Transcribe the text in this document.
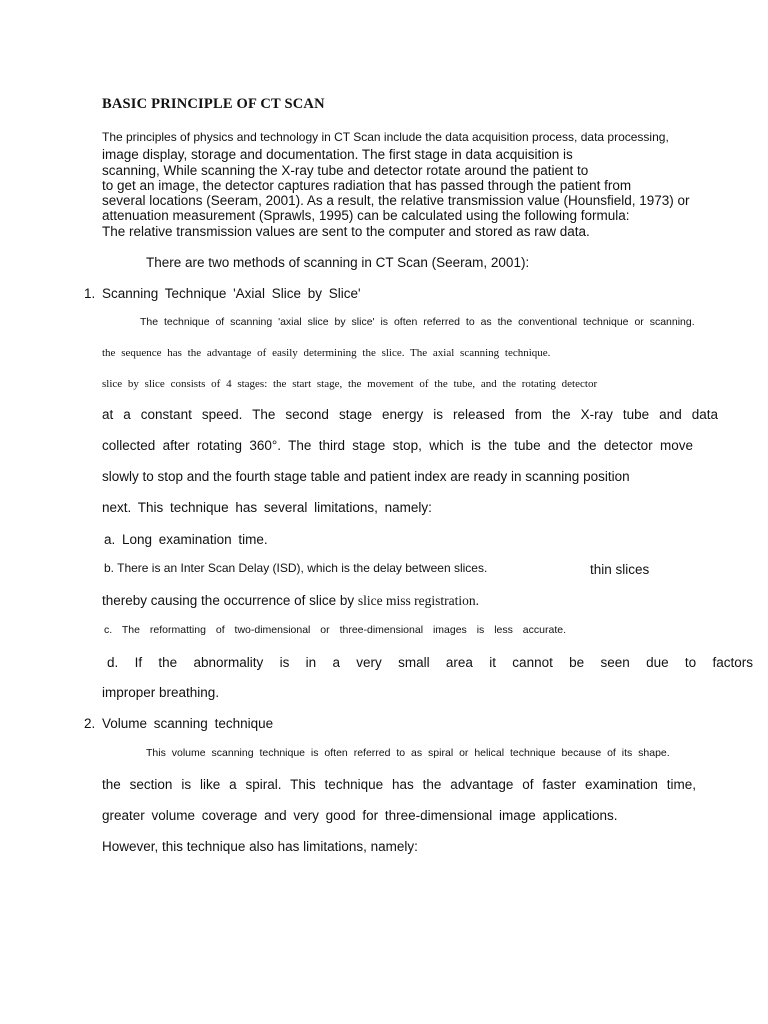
BASIC PRINCIPLE OF CT SCAN
The principles of physics and technology in CT Scan include the data acquisition process, data processing,
image display, storage and documentation. The first stage in data acquisition is
scanning, While scanning the X-ray tube and detector rotate around the patient to
to get an image, the detector captures radiation that has passed through the patient from
several locations (Seeram, 2001). As a result, the relative transmission value (Hounsfield, 1973) or
attenuation measurement (Sprawls, 1995) can be calculated using the following formula:
The relative transmission values are sent to the computer and stored as raw data.
There are two methods of scanning in CT Scan (Seeram, 2001):
1. Scanning Technique 'Axial Slice by Slice'
The technique of scanning 'axial slice by slice' is often referred to as the conventional technique or scanning.
the sequence has the advantage of easily determining the slice. The axial scanning technique.
slice by slice consists of 4 stages: the start stage, the movement of the tube, and the rotating detector
at a constant speed. The second stage energy is released from the X-ray tube and data
collected after rotating 360°. The third stage stop, which is the tube and the detector move
slowly to stop and the fourth stage table and patient index are ready in scanning position
next. This technique has several limitations, namely:
a. Long examination time.
b. There is an Inter Scan Delay (ISD), which is the delay between slices.	thin slices
thereby causing the occurrence of slice by slice miss registration.
c. The reformatting of two-dimensional or three-dimensional images is less accurate.
d. If the abnormality is in a very small area it cannot be seen due to factors
improper breathing.
2. Volume scanning technique
This volume scanning technique is often referred to as spiral or helical technique because of its shape.
the section is like a spiral. This technique has the advantage of faster examination time,
greater volume coverage and very good for three-dimensional image applications.
However, this technique also has limitations, namely:
